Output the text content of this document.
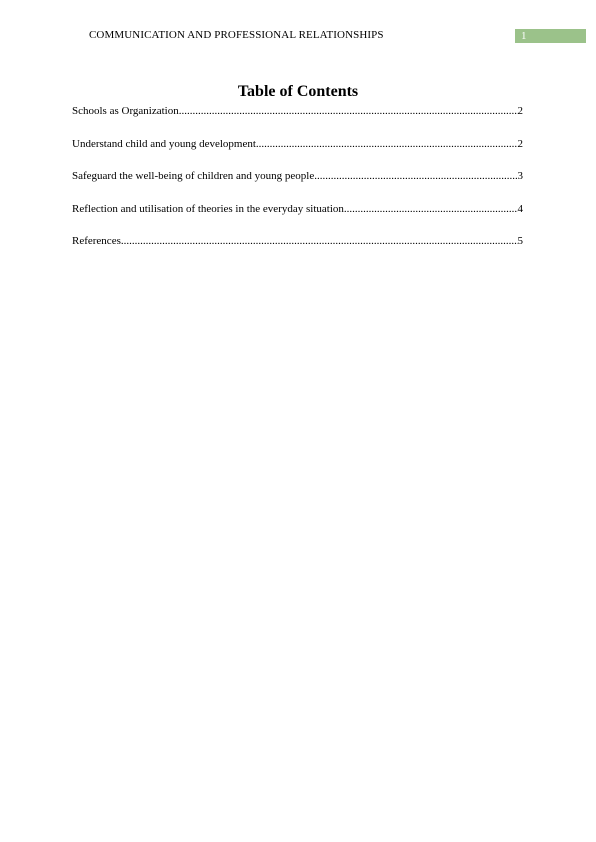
COMMUNICATION AND PROFESSIONAL RELATIONSHIPS	1
Table of Contents
Schools as Organization .....	2
Understand child and young development .....	2
Safeguard the well-being of children and young people .....	3
Reflection and utilisation of theories in the everyday situation .....	4
References .....	5
